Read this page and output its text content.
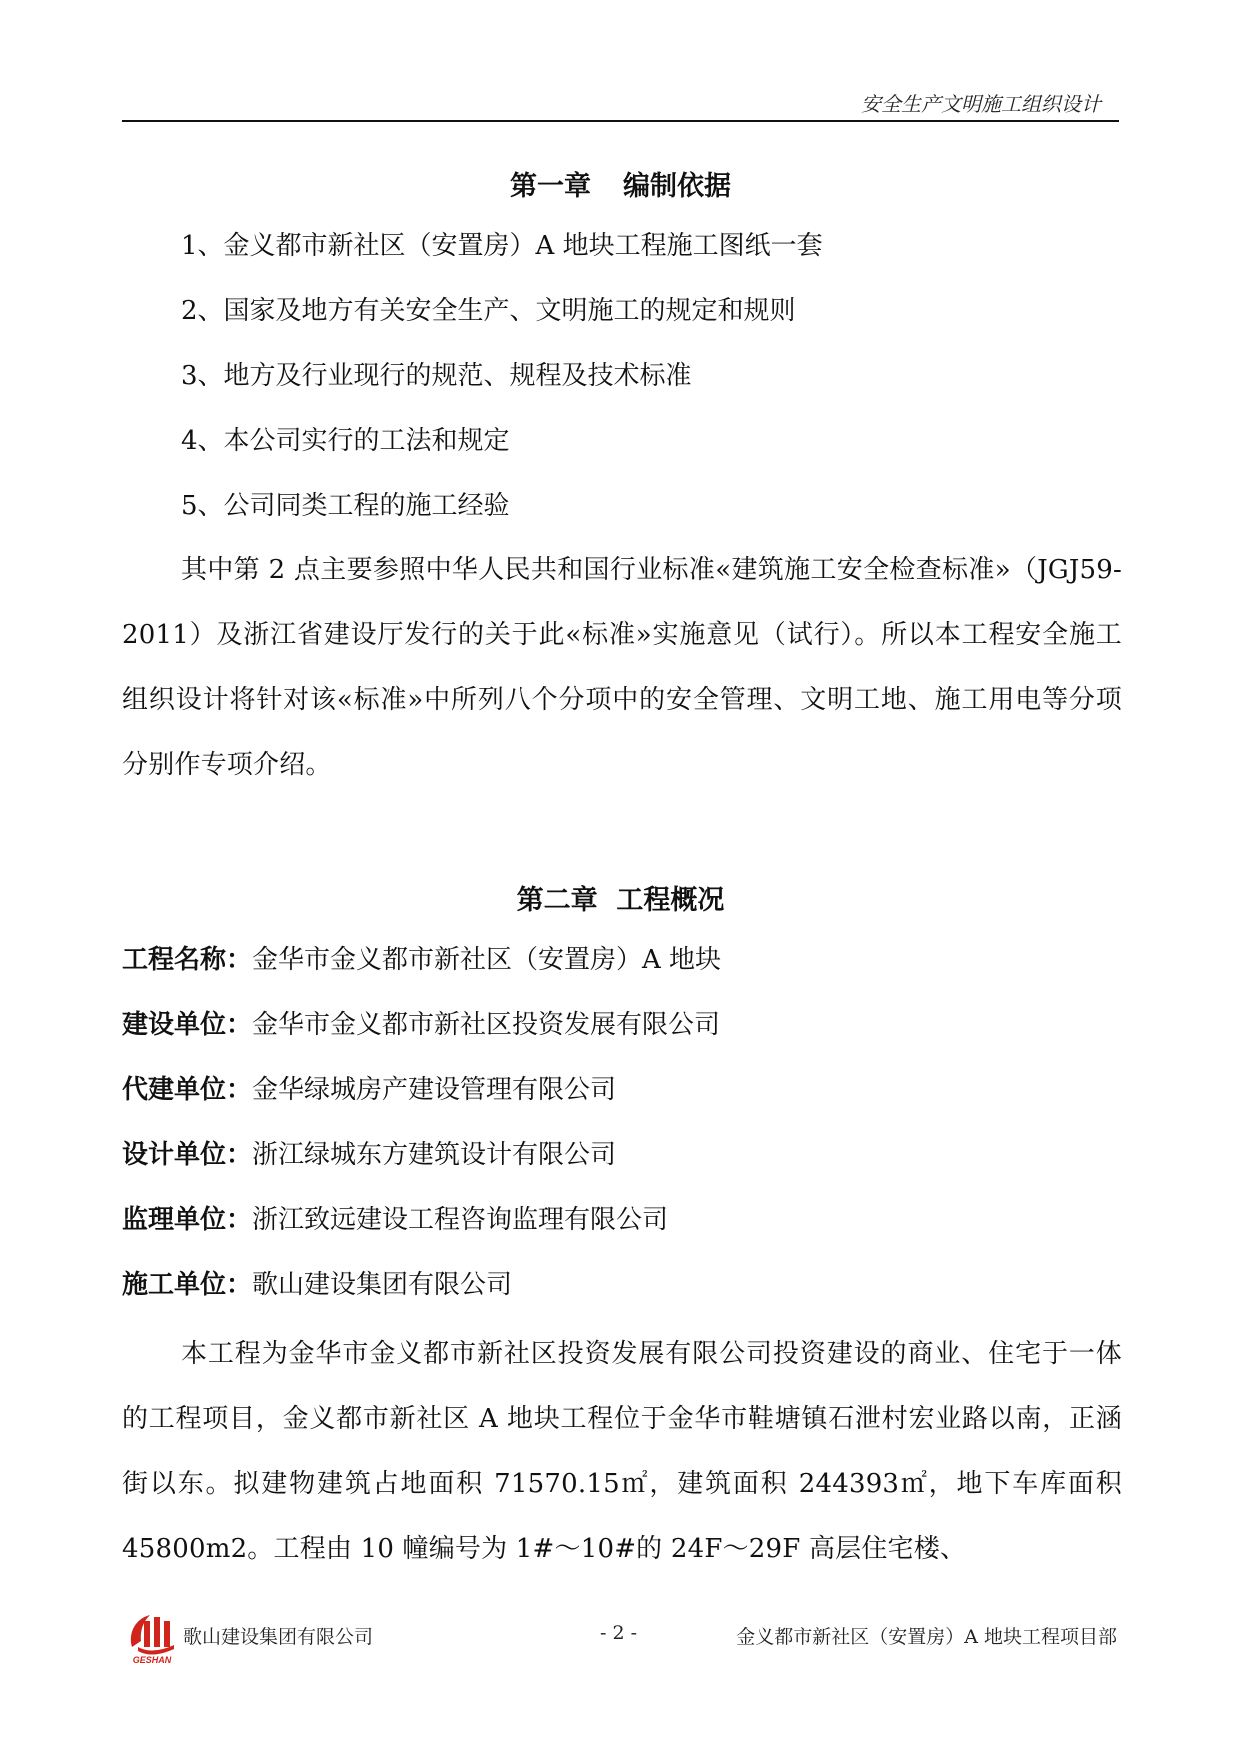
安全生产文明施工组织设计
第一章 编制依据
1、金义都市新社区（安置房）A 地块工程施工图纸一套
2、国家及地方有关安全生产、文明施工的规定和规则
3、地方及行业现行的规范、规程及技术标准
4、本公司实行的工法和规定
5、公司同类工程的施工经验

其中第 2 点主要参照中华人民共和国行业标准«建筑施工安全检查标准»（JGJ59-2011）及浙江省建设厅发行的关于此«标准»实施意见（试行）。所以本工程安全施工组织设计将针对该«标准»中所列八个分项中的安全管理、文明工地、施工用电等分项分别作专项介绍。

第二章  工程概况
工程名称：金华市金义都市新社区（安置房）A 地块
建设单位：金华市金义都市新社区投资发展有限公司
代建单位：金华绿城房产建设管理有限公司
设计单位：浙江绿城东方建筑设计有限公司
监理单位：浙江致远建设工程咨询监理有限公司
施工单位：歌山建设集团有限公司

本工程为金华市金义都市新社区投资发展有限公司投资建设的商业、住宅于一体的工程项目，金义都市新社区 A 地块工程位于金华市鞋塘镇石泄村宏业路以南，正涵街以东。拟建物建筑占地面积 71570.15㎡，建筑面积 244393㎡，地下车库面积 45800m2。工程由 10 幢编号为 1#～10#的 24F～29F 高层住宅楼、

GESHAN
歌山建设集团有限公司	- 2 -	金义都市新社区（安置房）A 地块工程项目部
